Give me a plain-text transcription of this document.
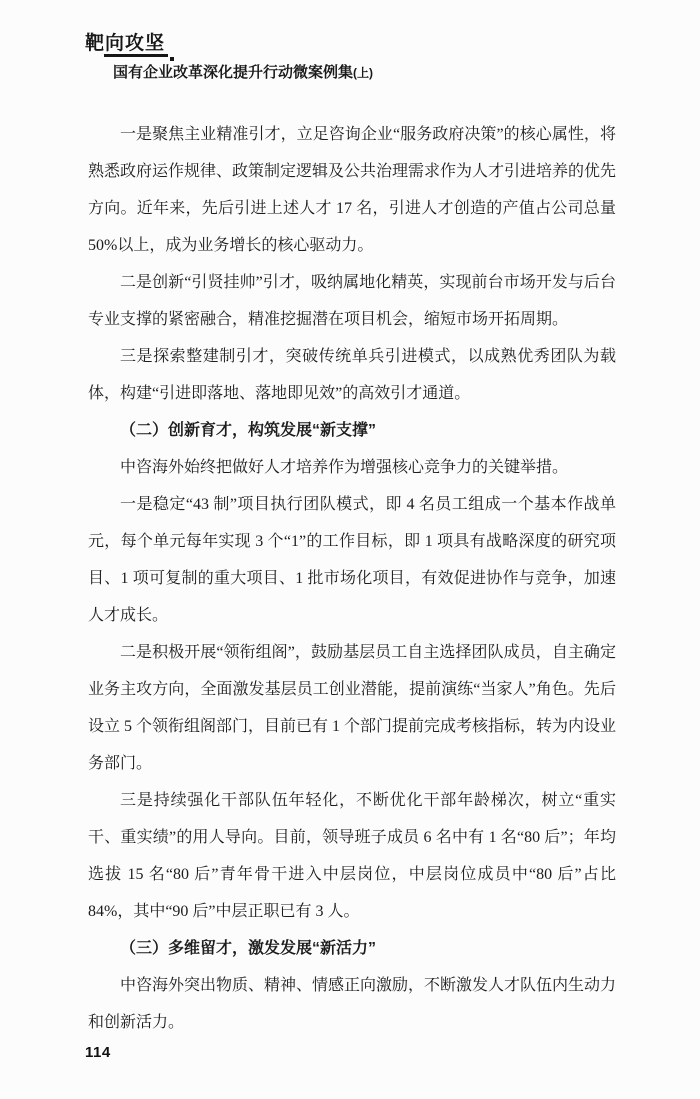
靶向攻坚
国有企业改革深化提升行动微案例集(上)

一是聚焦主业精准引才，立足咨询企业“服务政府决策”的核心属性，将熟悉政府运作规律、政策制定逻辑及公共治理需求作为人才引进培养的优先方向。近年来，先后引进上述人才 17 名，引进人才创造的产值占公司总量 50%以上，成为业务增长的核心驱动力。

二是创新“引贤挂帅”引才，吸纳属地化精英，实现前台市场开发与后台专业支撑的紧密融合，精准挖掘潜在项目机会，缩短市场开拓周期。

三是探索整建制引才，突破传统单兵引进模式，以成熟优秀团队为载体，构建“引进即落地、落地即见效”的高效引才通道。

（二）创新育才，构筑发展“新支撑”

中咨海外始终把做好人才培养作为增强核心竞争力的关键举措。

一是稳定“43 制”项目执行团队模式，即 4 名员工组成一个基本作战单元，每个单元每年实现 3 个“1”的工作目标，即 1 项具有战略深度的研究项目、1 项可复制的重大项目、1 批市场化项目，有效促进协作与竞争，加速人才成长。

二是积极开展“领衔组阁”，鼓励基层员工自主选择团队成员，自主确定业务主攻方向，全面激发基层员工创业潜能，提前演练“当家人”角色。先后设立 5 个领衔组阁部门，目前已有 1 个部门提前完成考核指标，转为内设业务部门。

三是持续强化干部队伍年轻化，不断优化干部年龄梯次，树立“重实干、重实绩”的用人导向。目前，领导班子成员 6 名中有 1 名“80 后”；年均选拔 15 名“80 后”青年骨干进入中层岗位，中层岗位成员中“80 后”占比 84%，其中“90 后”中层正职已有 3 人。

（三）多维留才，激发发展“新活力”

中咨海外突出物质、精神、情感正向激励，不断激发人才队伍内生动力和创新活力。

114
